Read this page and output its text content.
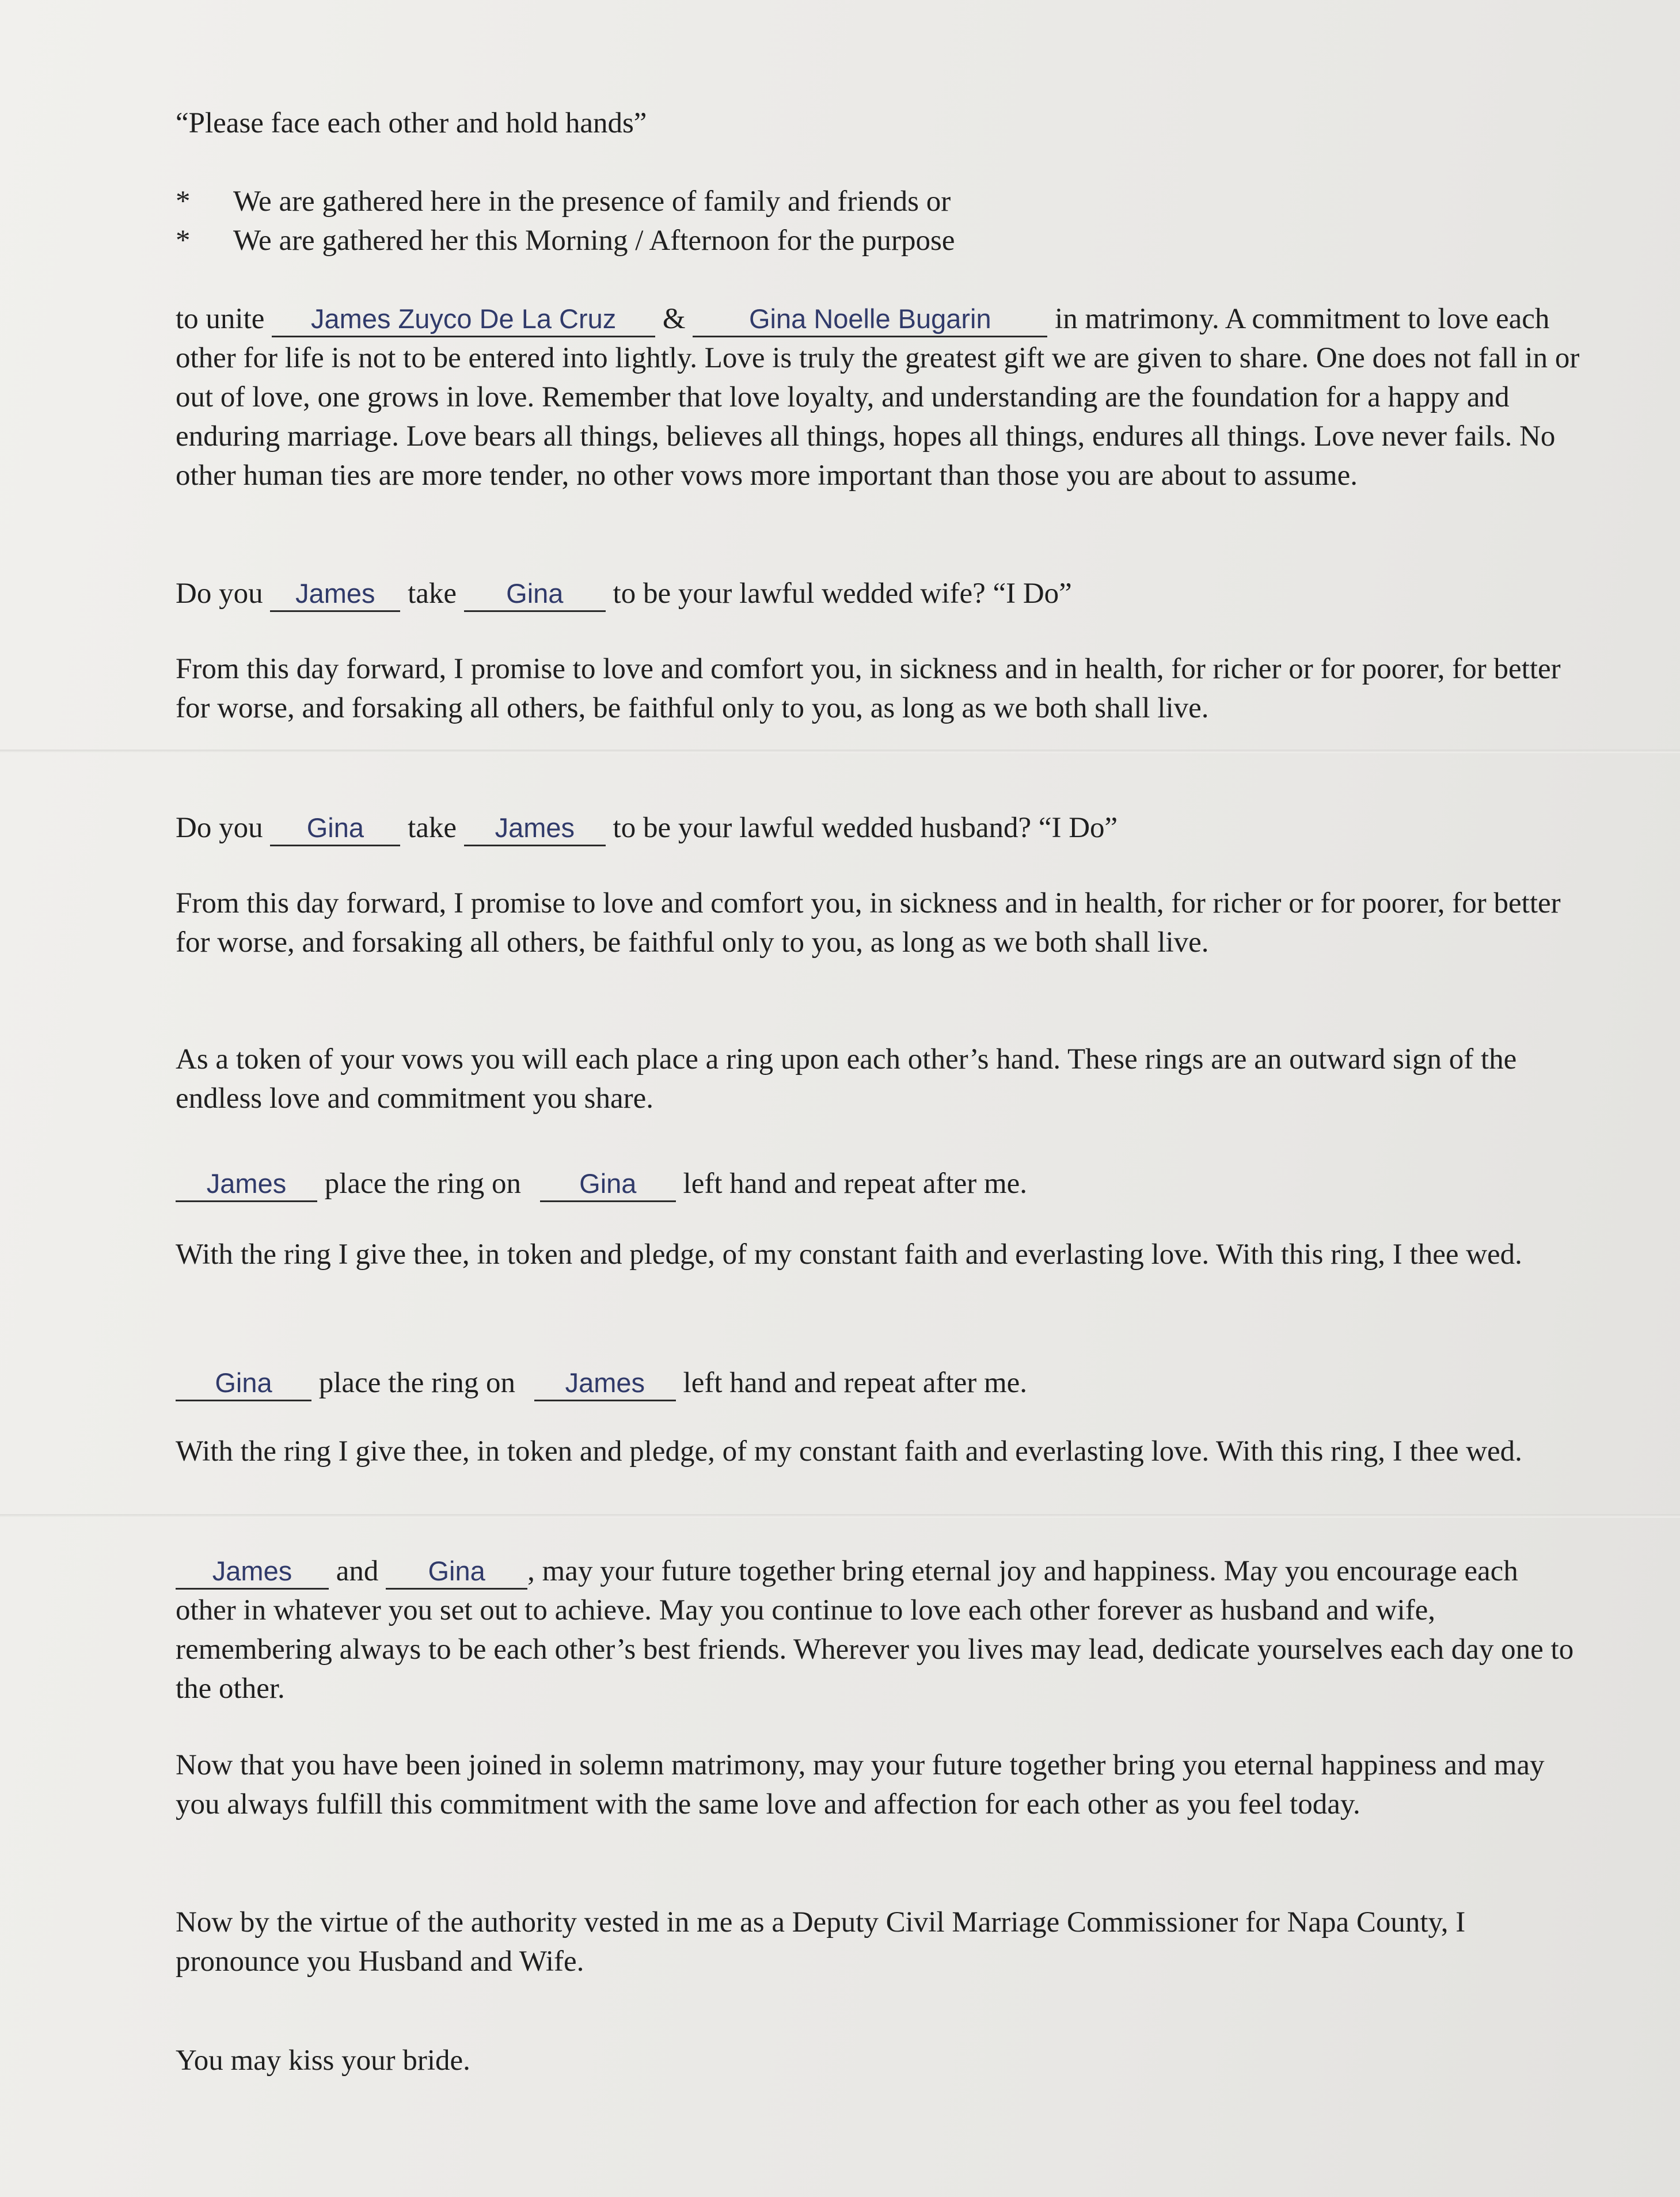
“Please face each other and hold hands”

*	We are gathered here in the presence of family and friends or
*	We are gathered her this Morning / Afternoon for the purpose

to unite James Zuyco De La Cruz & Gina Noelle Bugarin in matrimony. A commitment to love each other for life is not to be entered into lightly. Love is truly the greatest gift we are given to share. One does not fall in or out of love, one grows in love. Remember that love loyalty, and understanding are the foundation for a happy and enduring marriage. Love bears all things, believes all things, hopes all things, endures all things. Love never fails. No other human ties are more tender, no other vows more important than those you are about to assume.

Do you James take Gina to be your lawful wedded wife? “I Do”

From this day forward, I promise to love and comfort you, in sickness and in health, for richer or for poorer, for better for worse, and forsaking all others, be faithful only to you, as long as we both shall live.

Do you Gina take James to be your lawful wedded husband? “I Do”

From this day forward, I promise to love and comfort you, in sickness and in health, for richer or for poorer, for better for worse, and forsaking all others, be faithful only to you, as long as we both shall live.

As a token of your vows you will each place a ring upon each other’s hand. These rings are an outward sign of the endless love and commitment you share.

James place the ring on Gina left hand and repeat after me.

With the ring I give thee, in token and pledge, of my constant faith and everlasting love. With this ring, I thee wed.

Gina place the ring on James left hand and repeat after me.

With the ring I give thee, in token and pledge, of my constant faith and everlasting love. With this ring, I thee wed.

James and Gina , may your future together bring eternal joy and happiness. May you encourage each other in whatever you set out to achieve. May you continue to love each other forever as husband and wife, remembering always to be each other’s best friends. Wherever you lives may lead, dedicate yourselves each day one to the other.

Now that you have been joined in solemn matrimony, may your future together bring you eternal happiness and may you always fulfill this commitment with the same love and affection for each other as you feel today.

Now by the virtue of the authority vested in me as a Deputy Civil Marriage Commissioner for Napa County, I pronounce you Husband and Wife.

You may kiss your bride.
